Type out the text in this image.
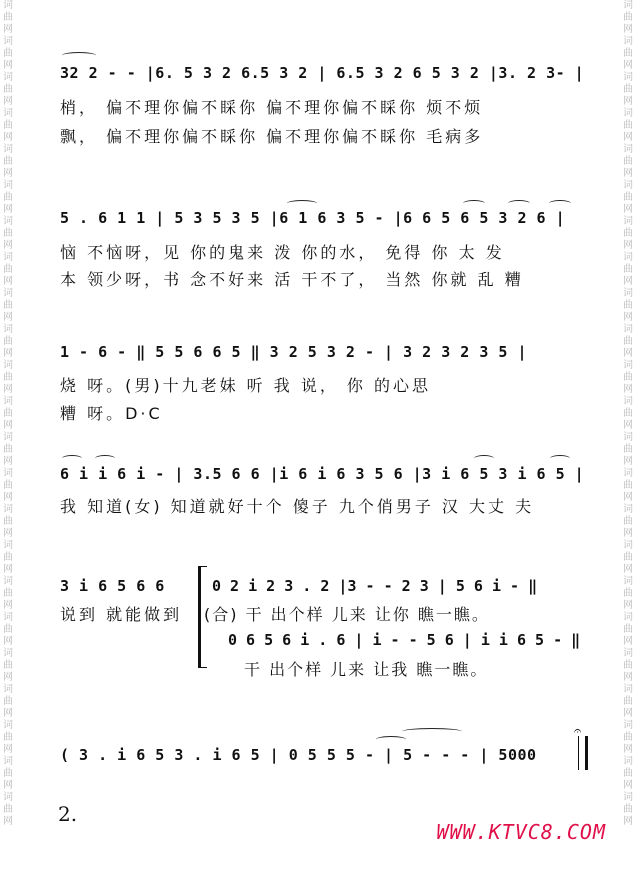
词
曲
网
词
曲
网
词
曲
网
词
曲
网
词
曲
网
词
曲
网
词
曲
网
词
曲
网
词
曲
网
词
曲
网
词
曲
网
词
曲
网
词
曲
网
词
曲
网
词
曲
网
词
曲
网
词
曲
网
词
曲
网
词
曲
网
词
曲
网
词
曲
网
词
曲
网
词
曲
网
词
曲
网
词
曲
网
词
曲
网
词
曲
网
词
曲
网
词
曲
网
词
曲
网
词
曲
网
词
曲
网
词
曲
网
词
曲
网
词
曲
网
词
曲
网
词
曲
网
词
曲
网
词
曲
网
词
曲
网
词
曲
网
词
曲
网
词
曲
网
词
曲
网
词
曲
网
词
曲
网
32 2 - - |6. 5 3 2 6.5 3 2 | 6.5 3 2 6 5 3 2 |3. 2 3- |
梢， 偏不理你偏不睬你 偏不理你偏不睬你 烦不烦
飘， 偏不理你偏不睬你 偏不理你偏不睬你 毛病多
5 . 6 1 1 | 5 3 5 3 5 |6 1 6 3 5 - |6 6 5 6 5 3 2 6 |
恼 不恼呀，见 你的鬼来 泼 你的水， 免得 你 太 发
本 领少呀，书 念不好来 活 干不了， 当然 你就 乱 糟
1 - 6 - ‖ 5 5 6 6 5 ‖ 3 2 5 3 2 - | 3 2 3 2 3 5 |
烧 呀。(男)十九老妹 听 我 说， 你 的心思
糟 呀。D·C
6 i i 6 i - | 3.5 6 6 |i 6 i 6 3 5 6 |3 i 6 5 3 i 6 5 |
我 知道(女) 知道就好十个 傻子 九个俏男子 汉 大丈 夫
3 i 6 5 6 6
说到 就能做到
0 2 i 2 3 . 2 |3 - - 2 3 | 5 6 i - ‖
(合) 干 出个样 儿来 让你 瞧一瞧。
0 6 5 6 i . 6 | i - - 5 6 | i i 6 5 - ‖
干 出个样 儿来 让我 瞧一瞧。
( 3 . i 6 5 3 . i 6 5 | 0 5 5 5 - | 5 - - - | 5000
𝄐
2.
WWW.KTVC8.COM
